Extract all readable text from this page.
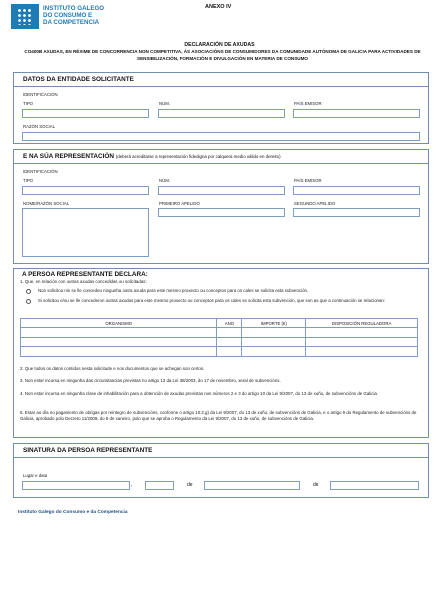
INSTITUTO GALEGO
DO CONSUMO E
DA COMPETENCIA
ANEXO IV
DECLARACIÓN DE AXUDAS
CO400B AXUDAS, EN RÉXIME DE CONCORRENCIA NON COMPETITIVA, ÁS ASOCIACIÓNS DE CONSUMIDORES DA COMUNIDADE AUTÓNOMA DE GALICIA PARA ACTIVIDADES DE SENSIBILIZACIÓN, FORMACIÓN E DIVULGACIÓN EN MATERIA DE CONSUMO
DATOS DA ENTIDADE SOLICITANTE
IDENTIFICACIÓN
TIPO	NÚM.	PAÍS EMISOR
RAZÓN SOCIAL
E NA SÚA REPRESENTACIÓN (deberá acreditarse a representación fidedigna por calquera medio válido en dereito)
IDENTIFICACIÓN
TIPO	NÚM.	PAÍS EMISOR
NOME/RAZÓN SOCIAL	PRIMEIRO APELIDO	SEGUNDO APELIDO
A PERSOA REPRESENTANTE DECLARA:
1. Que, en relación con outras axudas concedidas ou solicitadas:
Non solicitou nin se lle concedeu ningunha outra axuda para este mesmo proxecto ou conceptos para os cales se solicita esta subvención.
Si solicitou e/ou se lle concederon outras axudas para este mesmo proxecto ou conceptos para os cales se solicita esta subvención, que son as que a continuación se relacionan:
ORGANISMO	ANO	IMPORTE (€)	DISPOSICIÓN REGULADORA

2. Que todos os datos contidos nesta solicitude e nos documentos que se achegan son certos.
3. Non estar incursa en ningunha das circunstancias previstas no artigo 13 da Lei 38/2003, do 17 de novembro, xeral de subvencións.
4. Non estar incursa en ningunha clase de inhabilitación para a obtención de axudas previstas nos números 2 e 3 do artigo 10 da Lei 9/2007, do 13 de xuño, de subvencións de Galicia.
5. Estar ao día no pagamento de obrigas por reintegro de subvencións, conforme o artigo 10.2.g) da Lei 9/2007, do 13 de xuño, de subvencións de Galicia, e o artigo 9 do Regulamento de subvencións de Galicia, aprobado polo Decreto 11/2009, do 8 de xaneiro, polo que se aproba o Regulamento da Lei 9/2007, do 13 de xuño, de subvencións de Galicia.
SINATURA DA PERSOA REPRESENTANTE
Lugar e data
,	de	de
Instituto Galego do Consumo e da Competencia
